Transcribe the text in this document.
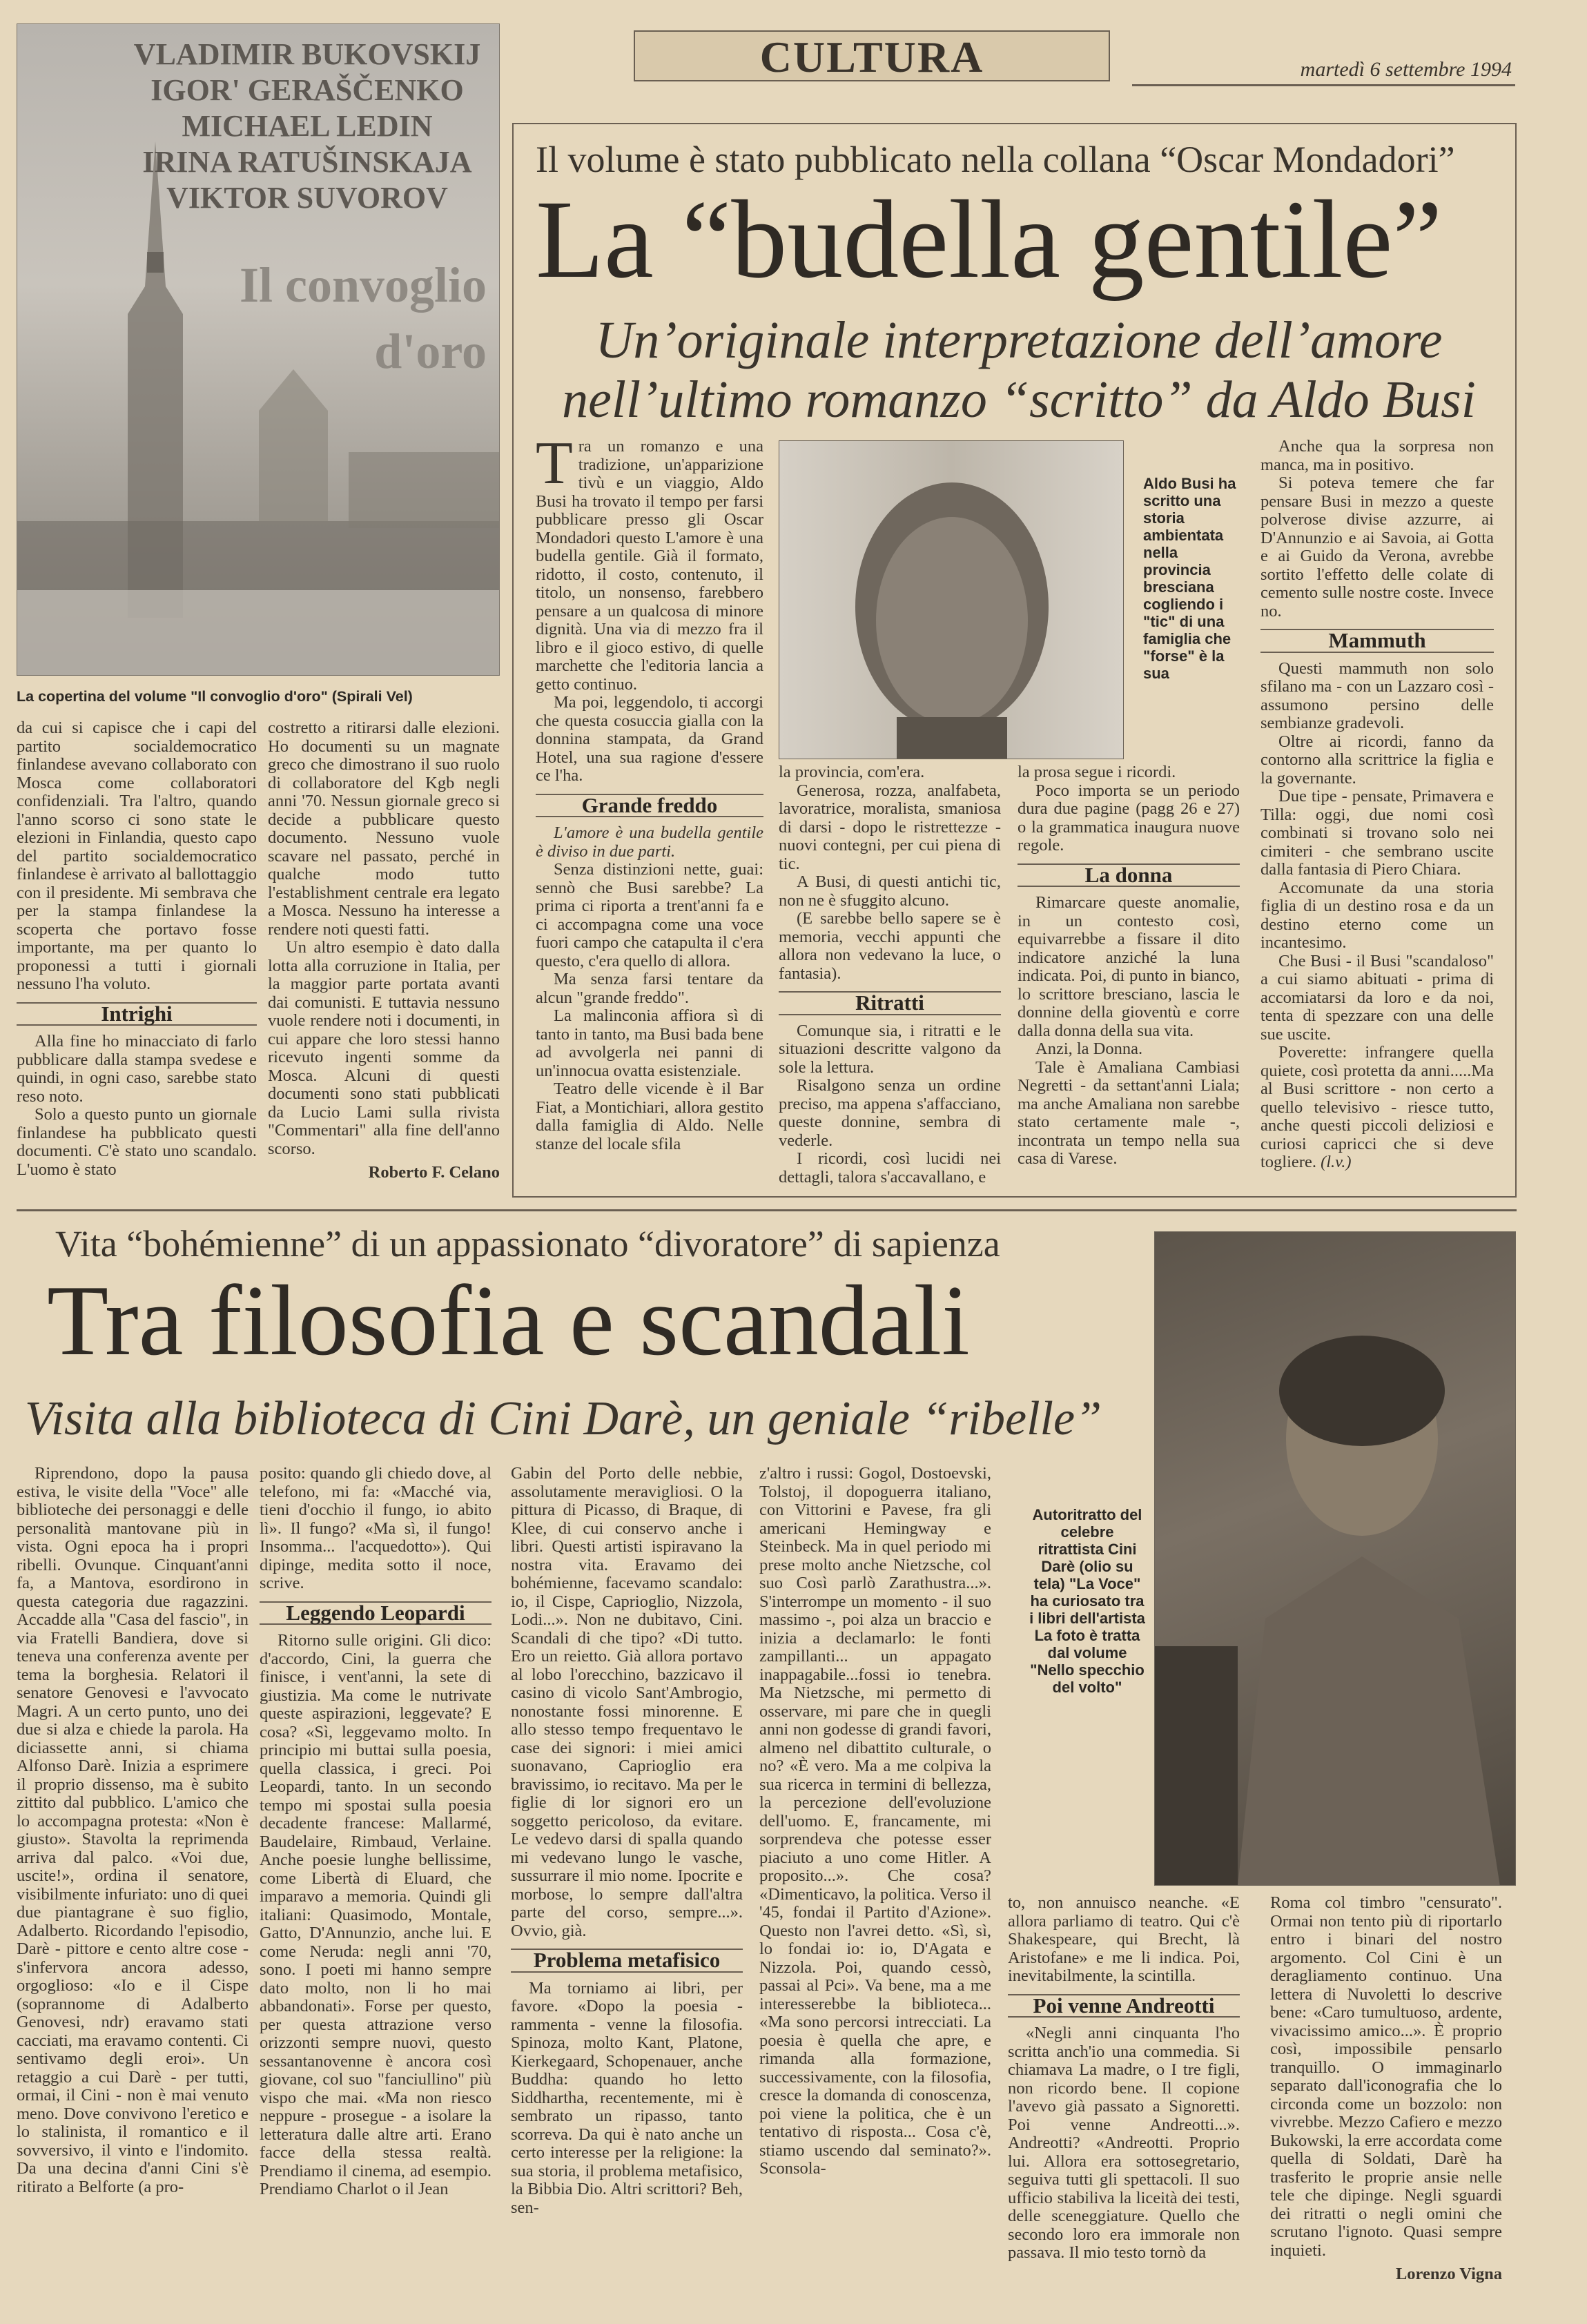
CULTURA	martedì 6 settembre 1994
VLADIMIR BUKOVSKIJ
IGOR' GERAŠČENKO
MICHAEL LEDIN
IRINA RATUŠINSKAJA
VIKTOR SUVOROV
Il convoglio
d'oro
La copertina del volume "Il convoglio d'oro" (Spirali Vel)

da cui si capisce che i capi del partito socialdemocratico finlandese avevano collaborato con Mosca come collaboratori confidenziali. Tra l'altro, quando l'anno scorso ci sono state le elezioni in Finlandia, questo capo del partito socialdemocratico finlandese è arrivato al ballottaggio con il presidente. Mi sembrava che per la stampa finlandese la scoperta che portavo fosse importante, ma per quanto lo proponessi a tutti i giornali nessuno l'ha voluto.

Intrighi

Alla fine ho minacciato di farlo pubblicare dalla stampa svedese e quindi, in ogni caso, sarebbe stato reso noto.

Solo a questo punto un giornale finlandese ha pubblicato questi documenti. C'è stato uno scandalo. L'uomo è stato

costretto a ritirarsi dalle elezioni. Ho documenti su un magnate greco che dimostrano il suo ruolo di collaboratore del Kgb negli anni '70. Nessun giornale greco si decide a pubblicare questo documento. Nessuno vuole scavare nel passato, perché in qualche modo tutto l'establishment centrale era legato a Mosca. Nessuno ha interesse a rendere noti questi fatti.

Un altro esempio è dato dalla lotta alla corruzione in Italia, per la maggior parte portata avanti dai comunisti. E tuttavia nessuno vuole rendere noti i documenti, in cui appare che loro stessi hanno ricevuto ingenti somme da Mosca. Alcuni di questi documenti sono stati pubblicati da Lucio Lami sulla rivista "Commentari" alla fine dell'anno scorso.

Roberto F. Celano
Il volume è stato pubblicato nella collana “Oscar Mondadori”
La “budella gentile”
Un’originale interpretazione dell’amore
nell’ultimo romanzo “scritto” da Aldo Busi

T ra un romanzo e una tradizione, un'apparizione tivù e un viaggio, Aldo Busi ha trovato il tempo per farsi pubblicare presso gli Oscar Mondadori questo L'amore è una budella gentile. Già il formato, ridotto, il costo, contenuto, il titolo, un nonsenso, farebbero pensare a un qualcosa di minore dignità. Una via di mezzo fra il libro e il gioco estivo, di quelle marchette che l'editoria lancia a getto continuo.

Ma poi, leggendolo, ti accorgi che questa cosuccia gialla con la donnina stampata, da Grand Hotel, una sua ragione d'essere ce l'ha.

Grande freddo

L'amore è una budella gentile è diviso in due parti.

Senza distinzioni nette, guai: sennò che Busi sarebbe? La prima ci riporta a trent'anni fa e ci accompagna come una voce fuori campo che catapulta il c'era questo, c'era quello di allora.

Ma senza farsi tentare da alcun "grande freddo".

La malinconia affiora sì di tanto in tanto, ma Busi bada bene ad avvolgerla nei panni di un'innocua ovatta esistenziale.

Teatro delle vicende è il Bar Fiat, a Montichiari, allora gestito dalla famiglia di Aldo. Nelle stanze del locale sfila

Aldo Busi ha scritto una storia ambientata nella provincia bresciana cogliendo i "tic" di una famiglia che "forse" è la sua

la provincia, com'era.

Generosa, rozza, analfabeta, lavoratrice, moralista, smaniosa di darsi - dopo le ristrettezze - nuovi contegni, per cui piena di tic.

A Busi, di questi antichi tic, non ne è sfuggito alcuno.

(E sarebbe bello sapere se è memoria, vecchi appunti che allora non vedevano la luce, o fantasia).

Ritratti

Comunque sia, i ritratti e le situazioni descritte valgono da sole la lettura.

Risalgono senza un ordine preciso, ma appena s'affacciano, queste donnine, sembra di vederle.

I ricordi, così lucidi nei dettagli, talora s'accavallano, e

la prosa segue i ricordi.

Poco importa se un periodo dura due pagine (pagg 26 e 27) o la grammatica inaugura nuove regole.

La donna

Rimarcare queste anomalie, in un contesto così, equivarrebbe a fissare il dito indicatore anziché la luna indicata. Poi, di punto in bianco, lo scrittore bresciano, lascia le donnine della gioventù e corre dalla donna della sua vita.

Anzi, la Donna.

Tale è Amaliana Cambiasi Negretti - da settant'anni Liala; ma anche Amaliana non sarebbe stato certamente male -, incontrata un tempo nella sua casa di Varese.

Anche qua la sorpresa non manca, ma in positivo.

Si poteva temere che far pensare Busi in mezzo a queste polverose divise azzurre, ai D'Annunzio e ai Savoia, ai Gotta e ai Guido da Verona, avrebbe sortito l'effetto delle colate di cemento sulle nostre coste. Invece no.

Mammuth

Questi mammuth non solo sfilano ma - con un Lazzaro così - assumono persino delle sembianze gradevoli.

Oltre ai ricordi, fanno da contorno alla scrittrice la figlia e la governante.

Due tipe - pensate, Primavera e Tilla: oggi, due nomi così combinati si trovano solo nei cimiteri - che sembrano uscite dalla fantasia di Piero Chiara.

Accomunate da una storia figlia di un destino rosa e da un destino eterno come un incantesimo.

Che Busi - il Busi "scandaloso" a cui siamo abituati - prima di accomiatarsi da loro e da noi, tenta di spezzare con una delle sue uscite.

Poverette: infrangere quella quiete, così protetta da anni.....Ma al Busi scrittore - non certo a quello televisivo - riesce tutto, anche questi piccoli deliziosi e curiosi capricci che si deve togliere. (l.v.)

Vita “bohémienne” di un appassionato “divoratore” di sapienza
Tra filosofia e scandali
Visita alla biblioteca di Cini Darè, un geniale “ribelle”
Autoritratto del celebre ritrattista Cini Darè (olio su tela) "La Voce" ha curiosato tra i libri dell'artista La foto è tratta dal volume "Nello specchio del volto"

Riprendono, dopo la pausa estiva, le visite della "Voce" alle biblioteche dei personaggi e delle personalità mantovane più in vista. Ogni epoca ha i propri ribelli. Ovunque. Cinquant'anni fa, a Mantova, esordirono in questa categoria due ragazzini. Accadde alla "Casa del fascio", in via Fratelli Bandiera, dove si teneva una conferenza avente per tema la borghesia. Relatori il senatore Genovesi e l'avvocato Magri. A un certo punto, uno dei due si alza e chiede la parola. Ha diciassette anni, si chiama Alfonso Darè. Inizia a esprimere il proprio dissenso, ma è subito zittito dal pubblico. L'amico che lo accompagna protesta: «Non è giusto». Stavolta la reprimenda arriva dal palco. «Voi due, uscite!», ordina il senatore, visibilmente infuriato: uno di quei due piantagrane è suo figlio, Adalberto. Ricordando l'episodio, Darè - pittore e cento altre cose - s'infervora ancora adesso, orgoglioso: «Io e il Cispe (soprannome di Adalberto Genovesi, ndr) eravamo stati cacciati, ma eravamo contenti. Ci sentivamo degli eroi». Un retaggio a cui Darè - per tutti, ormai, il Cini - non è mai venuto meno. Dove convivono l'eretico e lo stalinista, il romantico e il sovversivo, il vinto e l'indomito. Da una decina d'anni Cini s'è ritirato a Belforte (a pro-

posito: quando gli chiedo dove, al telefono, mi fa: «Macché via, tieni d'occhio il fungo, io abito lì». Il fungo? «Ma sì, il fungo! Insomma... l'acquedotto»). Qui dipinge, medita sotto il noce, scrive.

Leggendo Leopardi

Ritorno sulle origini. Gli dico: d'accordo, Cini, la guerra che finisce, i vent'anni, la sete di giustizia. Ma come le nutrivate queste aspirazioni, leggevate? E cosa? «Sì, leggevamo molto. In principio mi buttai sulla poesia, quella classica, i greci. Poi Leopardi, tanto. In un secondo tempo mi spostai sulla poesia decadente francese: Mallarmé, Baudelaire, Rimbaud, Verlaine. Anche poesie lunghe bellissime, come Libertà di Eluard, che imparavo a memoria. Quindi gli italiani: Quasimodo, Montale, Gatto, D'Annunzio, anche lui. E come Neruda: negli anni '70, sono. I poeti mi hanno sempre dato molto, non li ho mai abbandonati». Forse per questo, per questa attrazione verso orizzonti sempre nuovi, questo sessantanovenne è ancora così giovane, col suo "fanciullino" più vispo che mai. «Ma non riesco neppure - prosegue - a isolare la letteratura dalle altre arti. Erano facce della stessa realtà. Prendiamo il cinema, ad esempio. Prendiamo Charlot o il Jean

Gabin del Porto delle nebbie, assolutamente meravigliosi. O la pittura di Picasso, di Braque, di Klee, di cui conservo anche i libri. Questi artisti ispiravano la nostra vita. Eravamo dei bohémienne, facevamo scandalo: io, il Cispe, Caprioglio, Nizzola, Lodi...». Non ne dubitavo, Cini. Scandali di che tipo? «Di tutto. Ero un reietto. Già allora portavo al lobo l'orecchino, bazzicavo il casino di vicolo Sant'Ambrogio, nonostante fossi minorenne. E allo stesso tempo frequentavo le case dei signori: i miei amici suonavano, Caprioglio era bravissimo, io recitavo. Ma per le figlie di lor signori ero un soggetto pericoloso, da evitare. Le vedevo darsi di spalla quando mi vedevano lungo le vasche, sussurrare il mio nome. Ipocrite e morbose, lo sempre dall'altra parte del corso, sempre...». Ovvio, già.

Problema metafisico

Ma torniamo ai libri, per favore. «Dopo la poesia - rammenta - venne la filosofia. Spinoza, molto Kant, Platone, Kierkegaard, Schopenauer, anche Buddha: quando ho letto Siddhartha, recentemente, mi è sembrato un ripasso, tanto scorreva. Da qui è nato anche un certo interesse per la religione: la sua storia, il problema metafisico, la Bibbia Dio. Altri scrittori? Beh, sen-

z'altro i russi: Gogol, Dostoevski, Tolstoj, il dopoguerra italiano, con Vittorini e Pavese, fra gli americani Hemingway e Steinbeck. Ma in quel periodo mi prese molto anche Nietzsche, col suo Così parlò Zarathustra...». S'interrompe un momento - il suo massimo -, poi alza un braccio e inizia a declamarlo: le fonti zampillanti... un appagato inappagabile...fossi io tenebra. Ma Nietzsche, mi permetto di osservare, mi pare che in quegli anni non godesse di grandi favori, almeno nel dibattito culturale, o no? «È vero. Ma a me colpiva la sua ricerca in termini di bellezza, la percezione dell'evoluzione dell'uomo. E, francamente, mi sorprendeva che potesse esser piaciuto a uno come Hitler. A proposito...». Che cosa? «Dimenticavo, la politica. Verso il '45, fondai il Partito d'Azione». Questo non l'avrei detto. «Sì, sì, lo fondai io: io, D'Agata e Nizzola. Poi, quando cessò, passai al Pci». Va bene, ma a me interesserebbe la biblioteca... «Ma sono percorsi intrecciati. La poesia è quella che apre, e rimanda alla formazione, successivamente, con la filosofia, cresce la domanda di conoscenza, poi viene la politica, che è un tentativo di risposta... Cosa c'è, stiamo uscendo dal seminato?». Sconsola-

to, non annuisco neanche. «E allora parliamo di teatro. Qui c'è Shakespeare, qui Brecht, là Aristofane» e me li indica. Poi, inevitabilmente, la scintilla.

Poi venne Andreotti

«Negli anni cinquanta l'ho scritta anch'io una commedia. Si chiamava La madre, o I tre figli, non ricordo bene. Il copione l'avevo già passato a Signoretti. Poi venne Andreotti...». Andreotti? «Andreotti. Proprio lui. Allora era sottosegretario, seguiva tutti gli spettacoli. Il suo ufficio stabiliva la liceità dei testi, delle sceneggiature. Quello che secondo loro era immorale non passava. Il mio testo tornò da

Roma col timbro "censurato". Ormai non tento più di riportarlo entro i binari del nostro argomento. Col Cini è un deragliamento continuo. Una lettera di Nuvoletti lo descrive bene: «Caro tumultuoso, ardente, vivacissimo amico...». È proprio così, impossibile pensarlo tranquillo. O immaginarlo separato dall'iconografia che lo circonda come un bozzolo: non vivrebbe. Mezzo Cafiero e mezzo Bukowski, la erre accordata come quella di Soldati, Darè ha trasferito le proprie ansie nelle tele che dipinge. Negli sguardi dei ritratti o negli omini che scrutano l'ignoto. Quasi sempre inquieti.

Lorenzo Vigna
